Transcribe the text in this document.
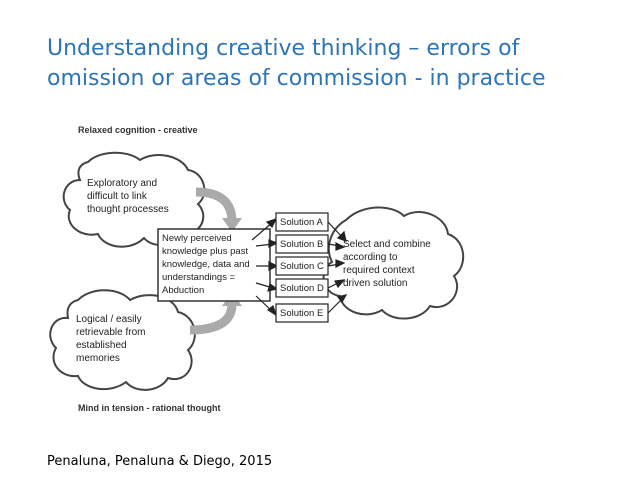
Understanding creative thinking – errors of
omission or areas of commission - in practice
Relaxed cognition - creative
Mind in tension - rational thought
Exploratory and
difficult to link
thought processes
Logical / easily
retrievable from
established
memories
Newly perceived
knowledge plus past
knowledge, data and
understandings =
Abduction
Solution A
Solution B
Solution C
Solution D
Solution E
Select and combine
according to
required context
driven solution
Penaluna, Penaluna & Diego, 2015
